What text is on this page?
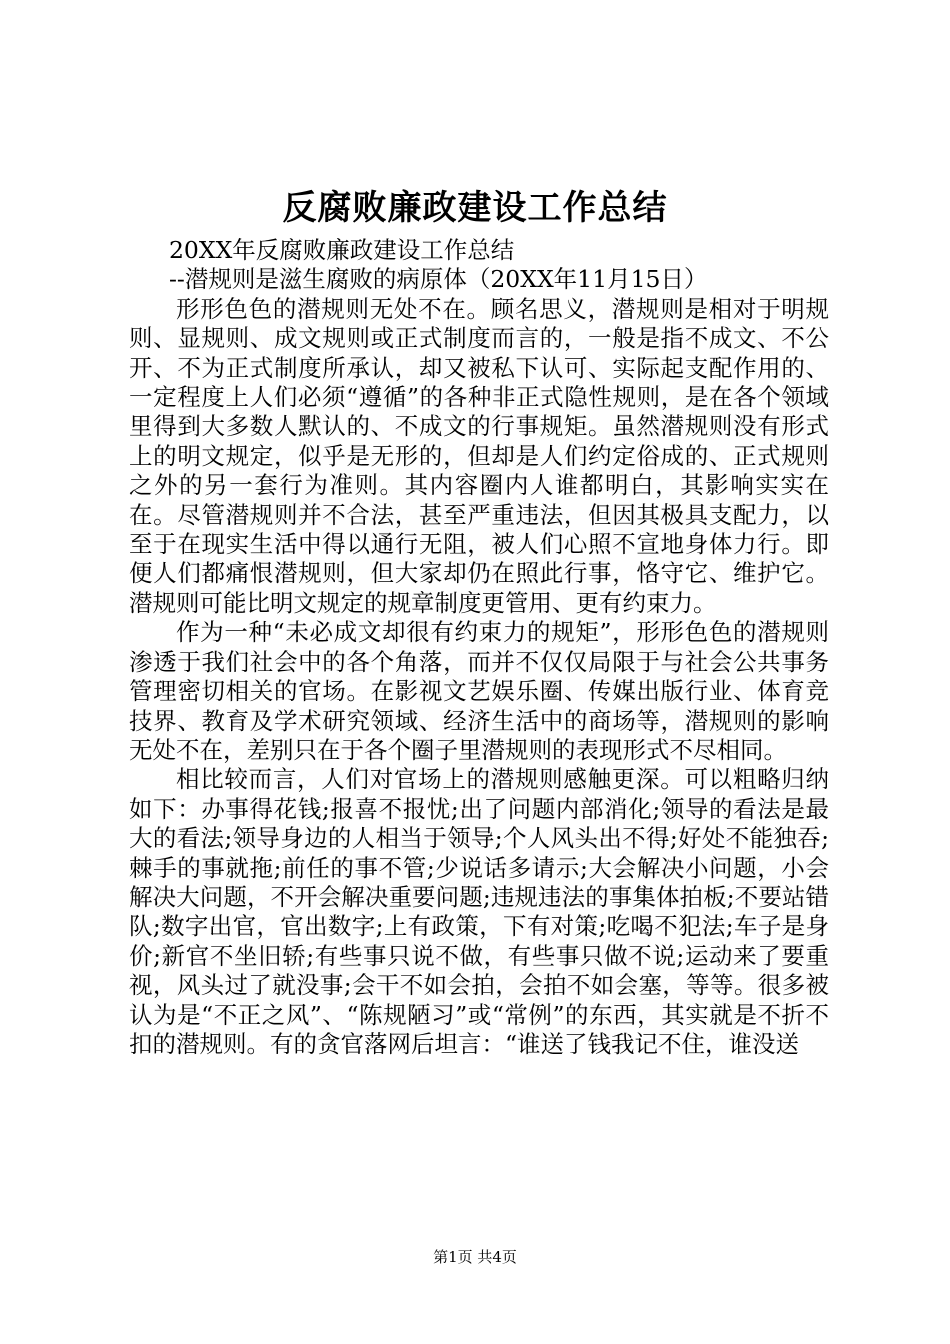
反腐败廉政建设工作总结

20XX年反腐败廉政建设工作总结

--潜规则是滋生腐败的病原体（20XX年11月15日）

形形色色的潜规则无处不在。顾名思义，潜规则是相对于明规则、显规则、成文规则或正式制度而言的，一般是指不成文、不公开、不为正式制度所承认，却又被私下认可、实际起支配作用的、一定程度上人们必须“遵循”的各种非正式隐性规则，是在各个领域里得到大多数人默认的、不成文的行事规矩。虽然潜规则没有形式上的明文规定，似乎是无形的，但却是人们约定俗成的、正式规则之外的另一套行为准则。其内容圈内人谁都明白，其影响实实在在。尽管潜规则并不合法，甚至严重违法，但因其极具支配力，以至于在现实生活中得以通行无阻，被人们心照不宣地身体力行。即便人们都痛恨潜规则，但大家却仍在照此行事，恪守它、维护它。潜规则可能比明文规定的规章制度更管用、更有约束力。

作为一种“未必成文却很有约束力的规矩”，形形色色的潜规则渗透于我们社会中的各个角落，而并不仅仅局限于与社会公共事务管理密切相关的官场。在影视文艺娱乐圈、传媒出版行业、体育竞技界、教育及学术研究领域、经济生活中的商场等，潜规则的影响无处不在，差别只在于各个圈子里潜规则的表现形式不尽相同。

相比较而言，人们对官场上的潜规则感触更深。可以粗略归纳如下：办事得花钱;报喜不报忧;出了问题内部消化;领导的看法是最大的看法;领导身边的人相当于领导;个人风头出不得;好处不能独吞;棘手的事就拖;前任的事不管;少说话多请示;大会解决小问题，小会解决大问题，不开会解决重要问题;违规违法的事集体拍板;不要站错队;数字出官，官出数字;上有政策，下有对策;吃喝不犯法;车子是身价;新官不坐旧轿;有些事只说不做，有些事只做不说;运动来了要重视，风头过了就没事;会干不如会拍，会拍不如会塞，等等。很多被认为是“不正之风”、“陈规陋习”或“常例”的东西，其实就是不折不扣的潜规则。有的贪官落网后坦言：“谁送了钱我记不住，谁没送

第1页 共4页
